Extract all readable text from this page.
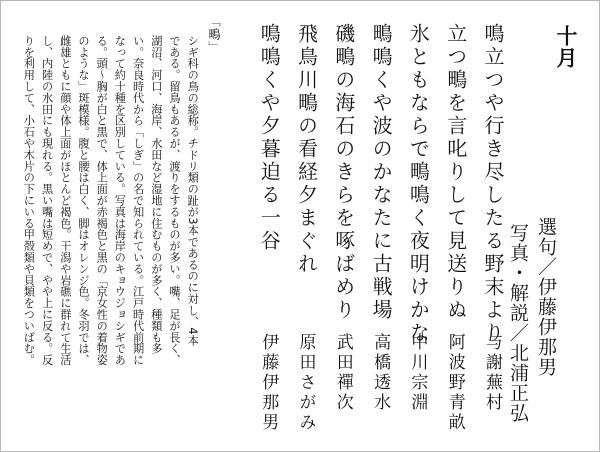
十月
選句／伊藤伊那男
写真・解説／北浦正弘
鳴立つや行き尽したる野末より
与謝蕪村
立つ鴫を言叱りして見送りぬ
阿波野青畝
氷ともならで鴫鳴く夜明けかな
中川宗淵
鴫鳴くや波のかなたに古戦場
高橋透水
磯鴫の海石のきらを啄ばめり
武田禪次
飛鳥川鴫の看経夕まぐれ
原田さがみ
鳴鳴くや夕暮迫る一谷
伊藤伊那男
「鴫」
シギ科の鳥の総称。チドリ類の趾が3本であるのに対し、4本
である。留鳥もあるが、渡りをするものが多い。嘴、足が長く、
湖沼、河口、海岸、水田など湿地に住むものが多く、種類も多
い。奈良時代から「しぎ」の名で知られている。江戸時代前期に
なって約十種を区別している。写真は海岸のキョウジョシギであ
る。頭〜胸が白と黒で、体上面が赤褐色と黒の「京女性の着物姿
のような」斑模様。腹と腰は白く、脚はオレンジ色。冬羽では、
雌雄ともに顔や体上面がほとんど褐色。干潟や岩礁に群れて生活
し、内陸の水田にも現れる。黒い嘴は短めで、やや上に反る。反
りを利用して、小石や木片の下にいる甲殻類や貝類をついばむ。
